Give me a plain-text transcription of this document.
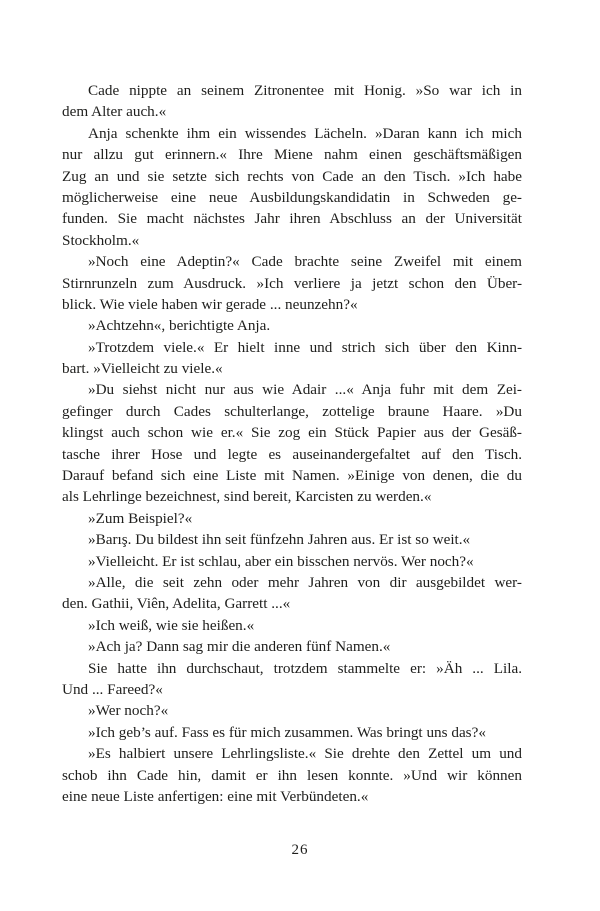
Cade nippte an seinem Zitronentee mit Honig. »So war ich in
dem Alter auch.«
Anja schenkte ihm ein wissendes Lächeln. »Daran kann ich mich
nur allzu gut erinnern.« Ihre Miene nahm einen geschäftsmäßigen
Zug an und sie setzte sich rechts von Cade an den Tisch. »Ich habe
möglicherweise eine neue Ausbildungskandidatin in Schweden ge-
funden. Sie macht nächstes Jahr ihren Abschluss an der Universität
Stockholm.«
»Noch eine Adeptin?« Cade brachte seine Zweifel mit einem
Stirnrunzeln zum Ausdruck. »Ich verliere ja jetzt schon den Über-
blick. Wie viele haben wir gerade ... neunzehn?«
»Achtzehn«, berichtigte Anja.
»Trotzdem viele.« Er hielt inne und strich sich über den Kinn-
bart. »Vielleicht zu viele.«
»Du siehst nicht nur aus wie Adair ...« Anja fuhr mit dem Zei-
gefinger durch Cades schulterlange, zottelige braune Haare. »Du
klingst auch schon wie er.« Sie zog ein Stück Papier aus der Gesäß-
tasche ihrer Hose und legte es auseinandergefaltet auf den Tisch.
Darauf befand sich eine Liste mit Namen. »Einige von denen, die du
als Lehrlinge bezeichnest, sind bereit, Karcisten zu werden.«
»Zum Beispiel?«
»Barış. Du bildest ihn seit fünfzehn Jahren aus. Er ist so weit.«
»Vielleicht. Er ist schlau, aber ein bisschen nervös. Wer noch?«
»Alle, die seit zehn oder mehr Jahren von dir ausgebildet wer-
den. Gathii, Viên, Adelita, Garrett ...«
»Ich weiß, wie sie heißen.«
»Ach ja? Dann sag mir die anderen fünf Namen.«
Sie hatte ihn durchschaut, trotzdem stammelte er: »Äh ... Lila.
Und ... Fareed?«
»Wer noch?«
»Ich geb’s auf. Fass es für mich zusammen. Was bringt uns das?«
»Es halbiert unsere Lehrlingsliste.« Sie drehte den Zettel um und
schob ihn Cade hin, damit er ihn lesen konnte. »Und wir können
eine neue Liste anfertigen: eine mit Verbündeten.«
26
